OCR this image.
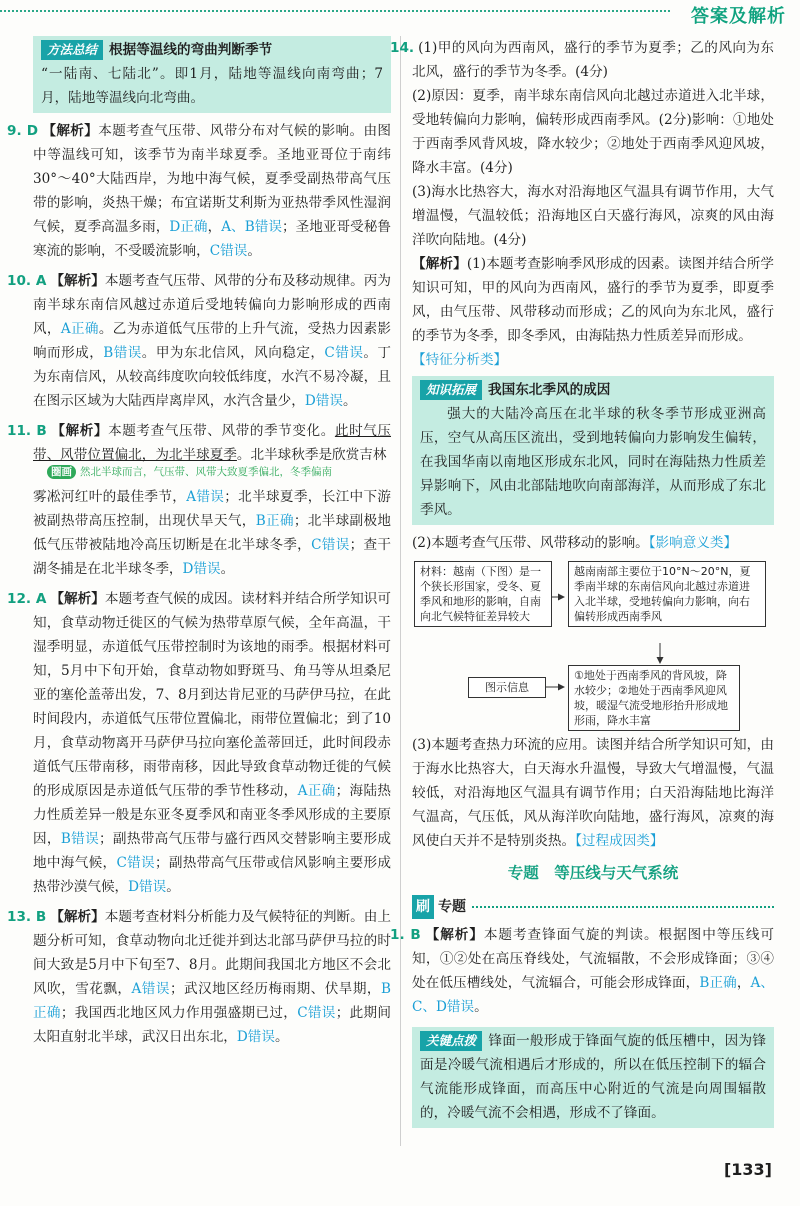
答案及解析

方法总结 根据等温线的弯曲判断季节

“一陆南、七陆北”。即1月，陆地等温线向南弯曲；7月，陆地等温线向北弯曲。

9. D 【解析】本题考查气压带、风带分布对气候的影响。由图中等温线可知，该季节为南半球夏季。圣地亚哥位于南纬30°～40°大陆西岸，为地中海气候，夏季受副热带高气压带的影响，炎热干燥；布宜诺斯艾利斯为亚热带季风性湿润气候，夏季高温多雨，D正确，A、B错误；圣地亚哥受秘鲁寒流的影响，不受暖流影响，C错误。

10. A 【解析】本题考查气压带、风带的分布及移动规律。丙为南半球东南信风越过赤道后受地转偏向力影响形成的西南风，A正确。乙为赤道低气压带的上升气流，受热力因素影响而形成，B错误。甲为东北信风，风向稳定，C错误。丁为东南信风，从较高纬度吹向较低纬度，水汽不易冷凝，且在图示区域为大陆西岸离岸风，水汽含量少，D错误。

11. B 【解析】本题考查气压带、风带的季节变化。此时气压带、风带位置偏北，为北半球夏季。北半球秋季是欣赏吉林

圈画 然北半球而言，气压带、风带大致夏季偏北，冬季偏南

雾凇河红叶的最佳季节，A错误；北半球夏季，长江中下游被副热带高压控制，出现伏旱天气，B正确；北半球副极地低气压带被陆地冷高压切断是在北半球冬季，C错误；查干湖冬捕是在北半球冬季，D错误。

12. A 【解析】本题考查气候的成因。读材料并结合所学知识可知，食草动物迁徙区的气候为热带草原气候，全年高温，干湿季明显，赤道低气压带控制时为该地的雨季。根据材料可知，5月中下旬开始，食草动物如野斑马、角马等从坦桑尼亚的塞伦盖蒂出发，7、8月到达肯尼亚的马萨伊马拉，在此时间段内，赤道低气压带位置偏北，雨带位置偏北；到了10月，食草动物离开马萨伊马拉向塞伦盖蒂回迁，此时间段赤道低气压带南移，雨带南移，因此导致食草动物迁徙的气候的形成原因是赤道低气压带的季节性移动，A正确；海陆热力性质差异一般是东亚冬夏季风和南亚冬季风形成的主要原因，B错误；副热带高气压带与盛行西风交替影响主要形成地中海气候，C错误；副热带高气压带或信风影响主要形成热带沙漠气候，D错误。

13. B 【解析】本题考查材料分析能力及气候特征的判断。由上题分析可知，食草动物向北迁徙并到达北部马萨伊马拉的时间大致是5月中下旬至7、8月。此期间我国北方地区不会北风吹，雪花飘，A错误；武汉地区经历梅雨期、伏旱期，B正确；我国西北地区风力作用强盛期已过，C错误；此期间太阳直射北半球，武汉日出东北，D错误。

14. (1)甲的风向为西南风，盛行的季节为夏季；乙的风向为东北风，盛行的季节为冬季。(4分)

(2)原因：夏季，南半球东南信风向北越过赤道进入北半球，受地转偏向力影响，偏转形成西南季风。(2分)影响：①地处于西南季风背风坡，降水较少；②地处于西南季风迎风坡，降水丰富。(4分)

(3)海水比热容大，海水对沿海地区气温具有调节作用，大气增温慢，气温较低；沿海地区白天盛行海风，凉爽的风由海洋吹向陆地。(4分)

【解析】(1)本题考查影响季风形成的因素。读图并结合所学知识可知，甲的风向为西南风，盛行的季节为夏季，即夏季风，由气压带、风带移动而形成；乙的风向为东北风，盛行的季节为冬季，即冬季风，由海陆热力性质差异而形成。

【特征分析类】

知识拓展 我国东北季风的成因

强大的大陆冷高压在北半球的秋冬季节形成亚洲高压，空气从高压区流出，受到地转偏向力影响发生偏转，在我国华南以南地区形成东北风，同时在海陆热力性质差异影响下，风由北部陆地吹向南部海洋，从而形成了东北季风。

(2)本题考查气压带、风带移动的影响。【影响意义类】

材料：越南（下图）是一个狭长形国家，受冬、夏季风和地形的影响，自南向北气候特征差异较大
越南南部主要位于10°N～20°N，夏季南半球的东南信风向北越过赤道进入北半球，受地转偏向力影响，向右偏转形成西南季风
图示信息
①地处于西南季风的背风坡，降水较少；②地处于西南季风迎风坡，暖湿气流受地形抬升形成地形雨，降水丰富

(3)本题考查热力环流的应用。读图并结合所学知识可知，由于海水比热容大，白天海水升温慢，导致大气增温慢，气温较低，对沿海地区气温具有调节作用；白天沿海陆地比海洋气温高，气压低，风从海洋吹向陆地，盛行海风，凉爽的海风使白天并不是特别炎热。【过程成因类】

专题　等压线与天气系统
刷 专题

1. B 【解析】本题考查锋面气旋的判读。根据图中等压线可知，①②处在高压脊线处，气流辐散，不会形成锋面；③④处在低压槽线处，气流辐合，可能会形成锋面，B正确，A、C、D错误。

关键点拨 锋面一般形成于锋面气旋的低压槽中，因为锋面是冷暖气流相遇后才形成的，所以在低压控制下的辐合气流能形成锋面，而高压中心附近的气流是向周围辐散的，冷暖气流不会相遇，形成不了锋面。

[133]
